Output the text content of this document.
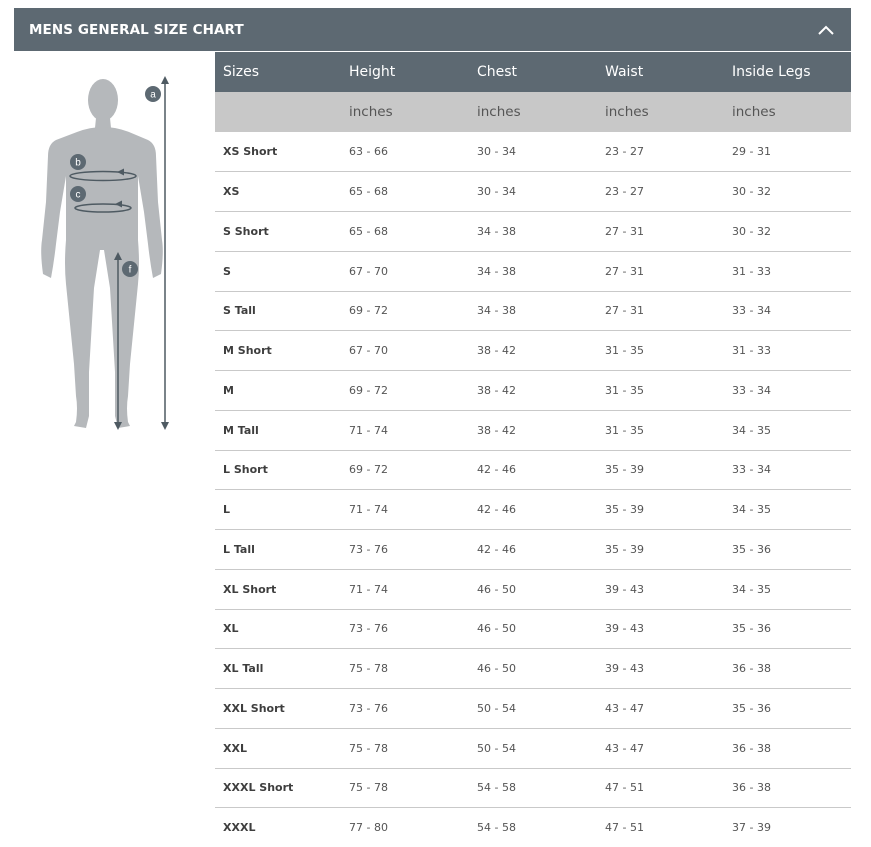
MENS GENERAL SIZE CHART
a
b
c
f
Sizes	Height	Chest	Waist	Inside Legs
	inches	inches	inches	inches
XS Short	63 - 66	30 - 34	23 - 27	29 - 31
XS	65 - 68	30 - 34	23 - 27	30 - 32
S Short	65 - 68	34 - 38	27 - 31	30 - 32
S	67 - 70	34 - 38	27 - 31	31 - 33
S Tall	69 - 72	34 - 38	27 - 31	33 - 34
M Short	67 - 70	38 - 42	31 - 35	31 - 33
M	69 - 72	38 - 42	31 - 35	33 - 34
M Tall	71 - 74	38 - 42	31 - 35	34 - 35
L Short	69 - 72	42 - 46	35 - 39	33 - 34
L	71 - 74	42 - 46	35 - 39	34 - 35
L Tall	73 - 76	42 - 46	35 - 39	35 - 36
XL Short	71 - 74	46 - 50	39 - 43	34 - 35
XL	73 - 76	46 - 50	39 - 43	35 - 36
XL Tall	75 - 78	46 - 50	39 - 43	36 - 38
XXL Short	73 - 76	50 - 54	43 - 47	35 - 36
XXL	75 - 78	50 - 54	43 - 47	36 - 38
XXXL Short	75 - 78	54 - 58	47 - 51	36 - 38
XXXL	77 - 80	54 - 58	47 - 51	37 - 39
